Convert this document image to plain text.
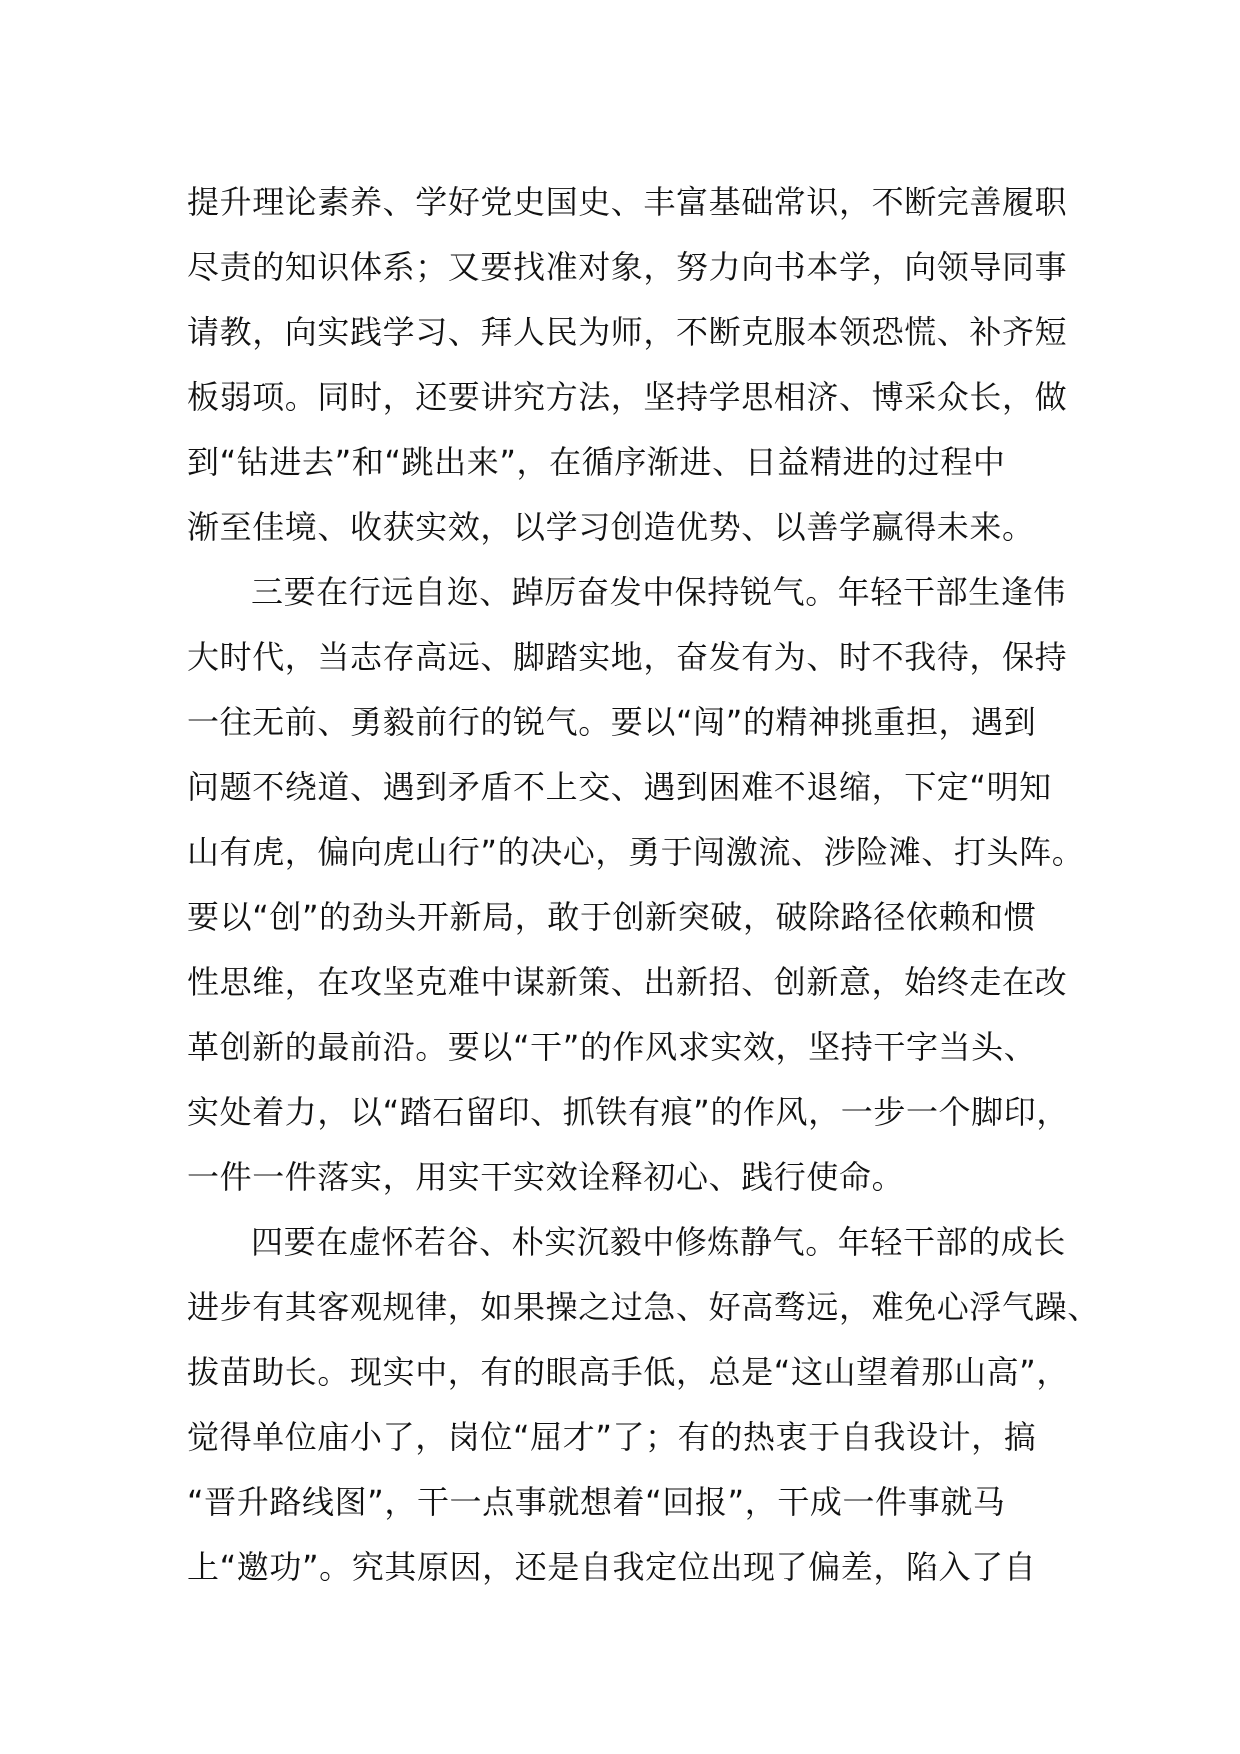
提升理论素养、学好党史国史、丰富基础常识，不断完善履职
尽责的知识体系；又要找准对象，努力向书本学，向领导同事
请教，向实践学习、拜人民为师，不断克服本领恐慌、补齐短
板弱项。同时，还要讲究方法，坚持学思相济、博采众长，做
到“钻进去”和“跳出来”，在循序渐进、日益精进的过程中
渐至佳境、收获实效，以学习创造优势、以善学赢得未来。
三要在行远自迩、踔厉奋发中保持锐气。年轻干部生逢伟
大时代，当志存高远、脚踏实地，奋发有为、时不我待，保持
一往无前、勇毅前行的锐气。要以“闯”的精神挑重担，遇到
问题不绕道、遇到矛盾不上交、遇到困难不退缩，下定“明知
山有虎，偏向虎山行”的决心，勇于闯激流、涉险滩、打头阵。
要以“创”的劲头开新局，敢于创新突破，破除路径依赖和惯
性思维，在攻坚克难中谋新策、出新招、创新意，始终走在改
革创新的最前沿。要以“干”的作风求实效，坚持干字当头、
实处着力，以“踏石留印、抓铁有痕”的作风，一步一个脚印，
一件一件落实，用实干实效诠释初心、践行使命。
四要在虚怀若谷、朴实沉毅中修炼静气。年轻干部的成长
进步有其客观规律，如果操之过急、好高骛远，难免心浮气躁、
拔苗助长。现实中，有的眼高手低，总是“这山望着那山高”，
觉得单位庙小了，岗位“屈才”了；有的热衷于自我设计，搞
“晋升路线图”，干一点事就想着“回报”，干成一件事就马
上“邀功”。究其原因，还是自我定位出现了偏差，陷入了自
